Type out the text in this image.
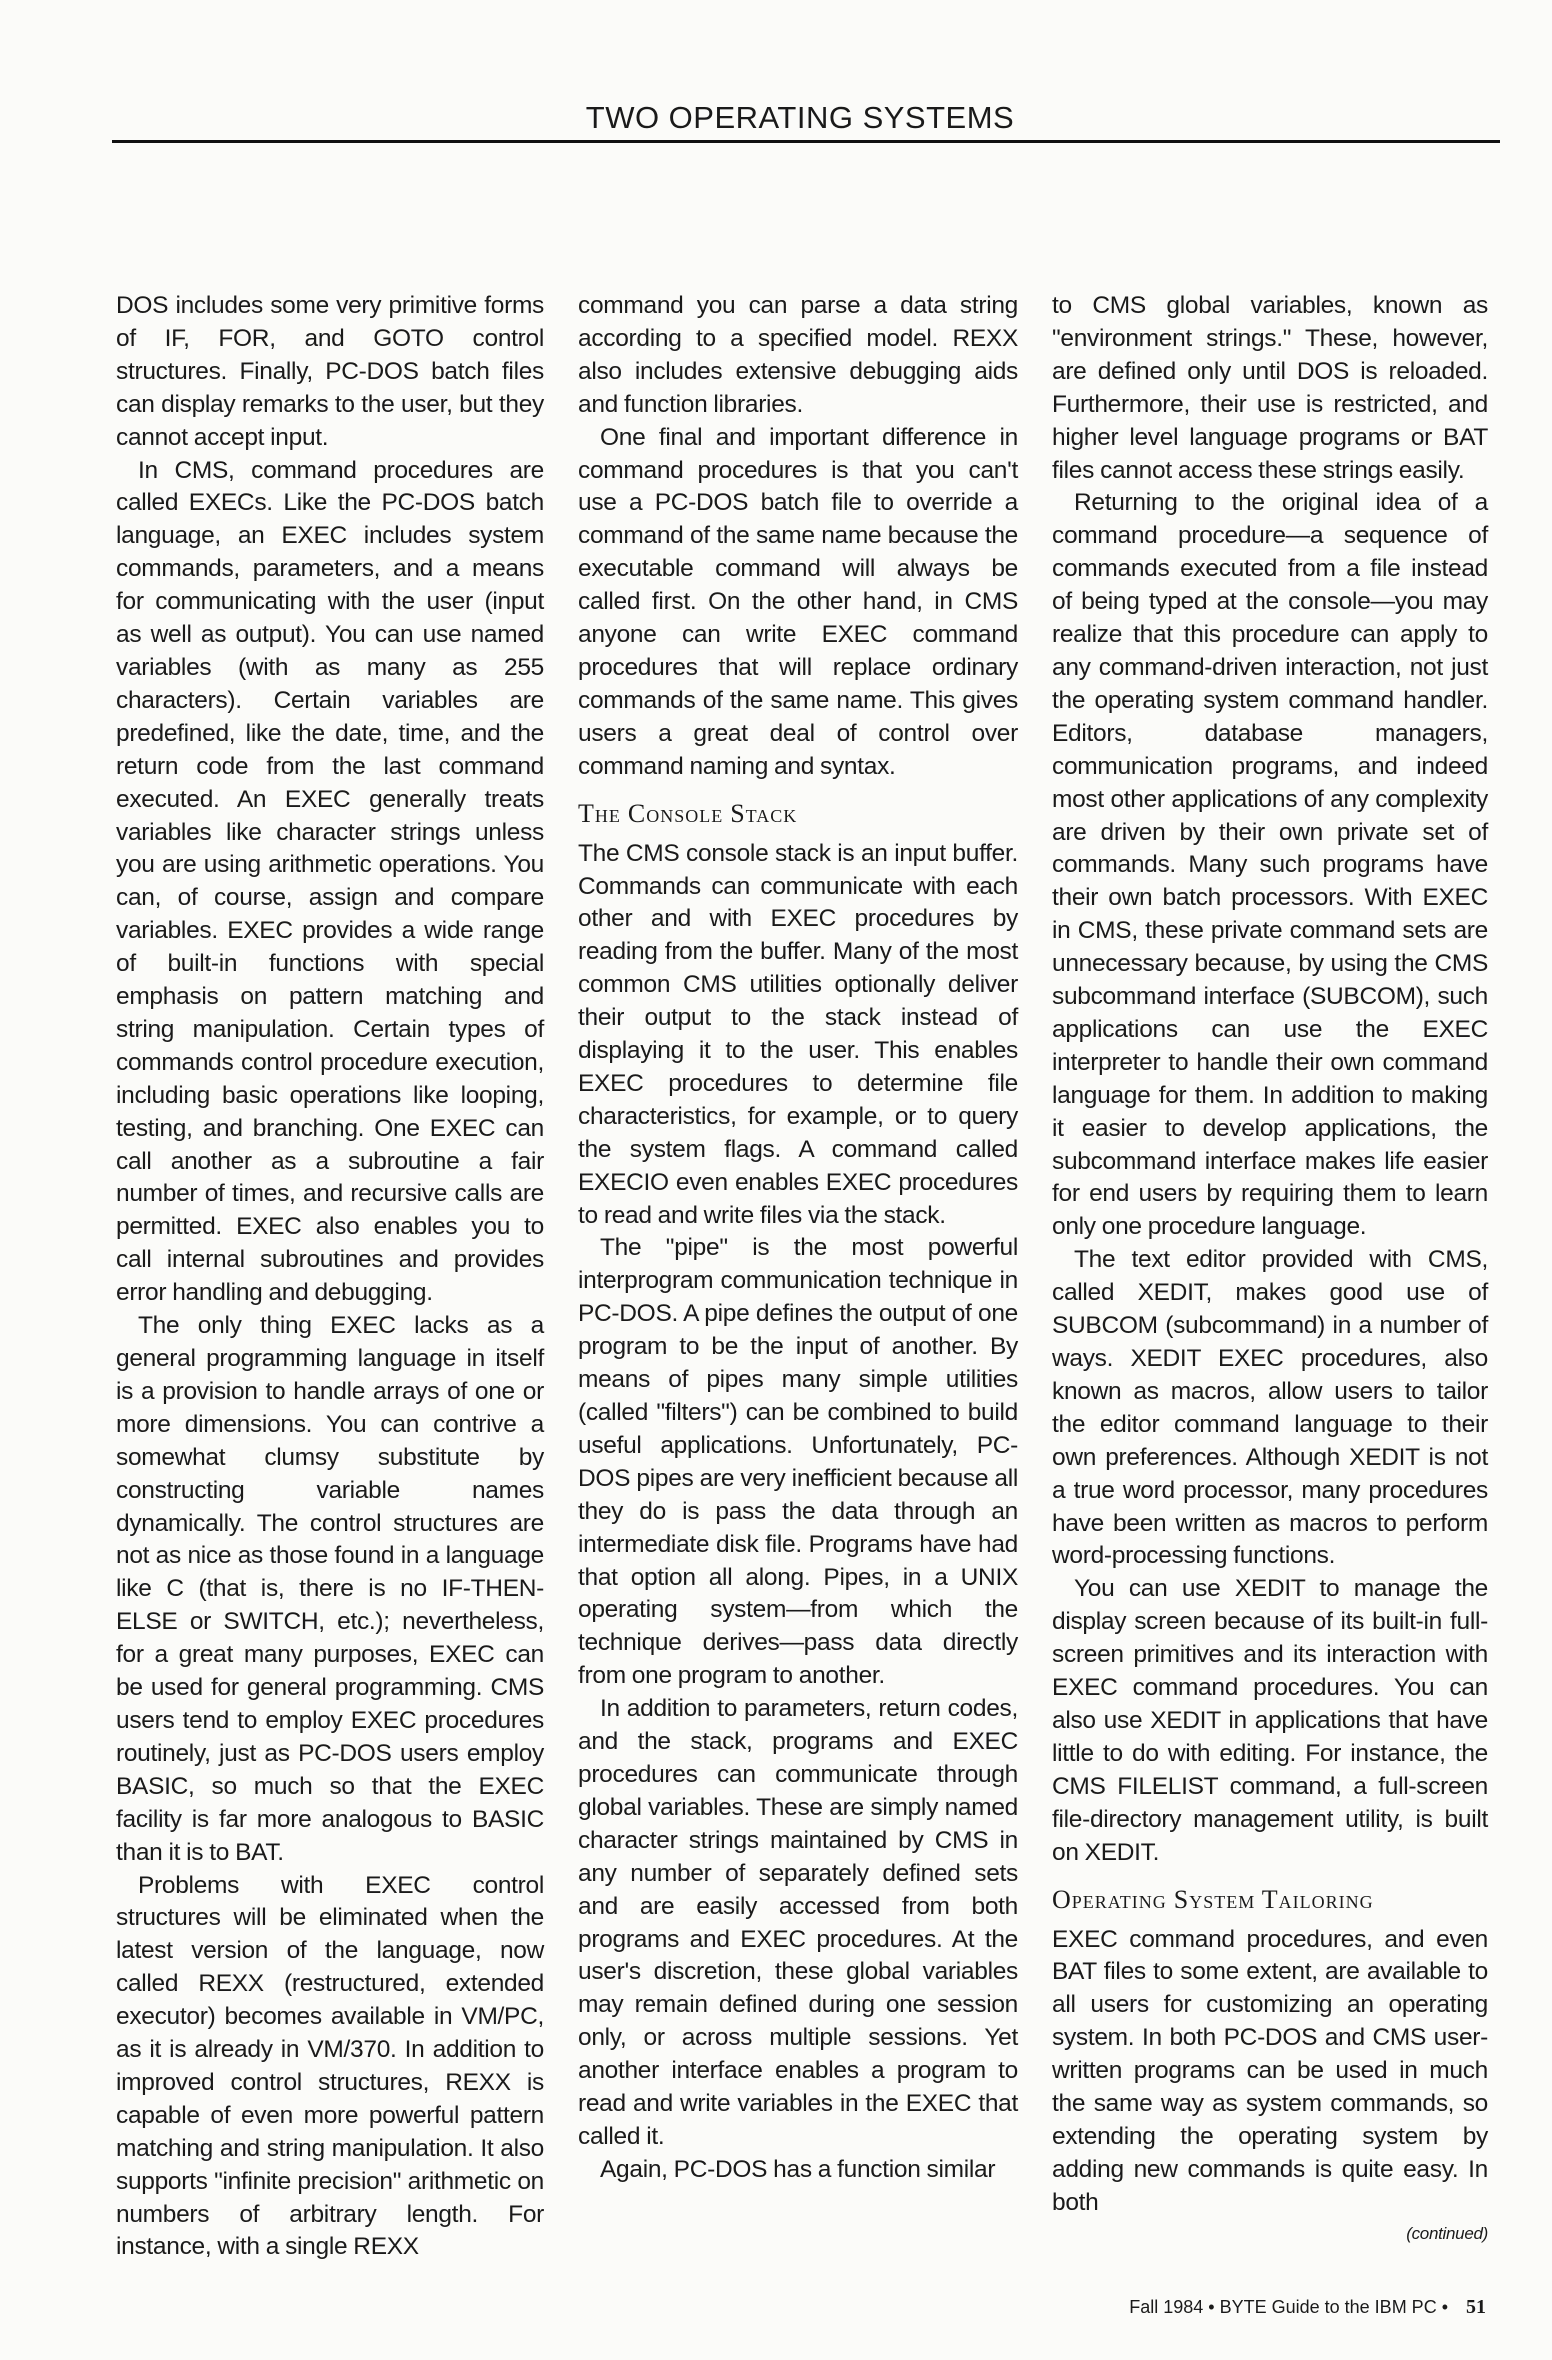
TWO OPERATING SYSTEMS

DOS includes some very primitive forms of IF, FOR, and GOTO control structures. Finally, PC-DOS batch files can display remarks to the user, but they cannot accept input.

In CMS, command procedures are called EXECs. Like the PC-DOS batch language, an EXEC includes system commands, parameters, and a means for communicating with the user (input as well as output). You can use named variables (with as many as 255 characters). Certain variables are predefined, like the date, time, and the return code from the last command executed. An EXEC generally treats variables like character strings unless you are using arithmetic operations. You can, of course, assign and compare variables. EXEC provides a wide range of built-in functions with special emphasis on pattern matching and string manipulation. Certain types of commands control procedure execution, including basic operations like looping, testing, and branching. One EXEC can call another as a subroutine a fair number of times, and recursive calls are permitted. EXEC also enables you to call internal subroutines and provides error handling and debugging.

The only thing EXEC lacks as a general programming language in itself is a provision to handle arrays of one or more dimensions. You can contrive a somewhat clumsy substitute by constructing variable names dynamically. The control structures are not as nice as those found in a language like C (that is, there is no IF-THEN-ELSE or SWITCH, etc.); nevertheless, for a great many purposes, EXEC can be used for general programming. CMS users tend to employ EXEC procedures routinely, just as PC-DOS users employ BASIC, so much so that the EXEC facility is far more analogous to BASIC than it is to BAT.

Problems with EXEC control structures will be eliminated when the latest version of the language, now called REXX (restructured, extended executor) becomes available in VM/PC, as it is already in VM/370. In addition to improved control structures, REXX is capable of even more powerful pattern matching and string manipulation. It also supports "infinite precision" arithmetic on numbers of arbitrary length. For instance, with a single REXX

command you can parse a data string according to a specified model. REXX also includes extensive debugging aids and function libraries.

One final and important difference in command procedures is that you can't use a PC-DOS batch file to override a command of the same name because the executable command will always be called first. On the other hand, in CMS anyone can write EXEC command procedures that will replace ordinary commands of the same name. This gives users a great deal of control over command naming and syntax.

The Console Stack

The CMS console stack is an input buffer. Commands can communicate with each other and with EXEC procedures by reading from the buffer. Many of the most common CMS utilities optionally deliver their output to the stack instead of displaying it to the user. This enables EXEC procedures to determine file characteristics, for example, or to query the system flags. A command called EXECIO even enables EXEC procedures to read and write files via the stack.

The "pipe" is the most powerful interprogram communication technique in PC-DOS. A pipe defines the output of one program to be the input of another. By means of pipes many simple utilities (called "filters") can be combined to build useful applications. Unfortunately, PC-DOS pipes are very inefficient because all they do is pass the data through an intermediate disk file. Programs have had that option all along. Pipes, in a UNIX operating system—from which the technique derives—pass data directly from one program to another.

In addition to parameters, return codes, and the stack, programs and EXEC procedures can communicate through global variables. These are simply named character strings maintained by CMS in any number of separately defined sets and are easily accessed from both programs and EXEC procedures. At the user's discretion, these global variables may remain defined during one session only, or across multiple sessions. Yet another interface enables a program to read and write variables in the EXEC that called it.

Again, PC-DOS has a function similar

to CMS global variables, known as "environment strings." These, however, are defined only until DOS is reloaded. Furthermore, their use is restricted, and higher level language programs or BAT files cannot access these strings easily.

Returning to the original idea of a command procedure—a sequence of commands executed from a file instead of being typed at the console—you may realize that this procedure can apply to any command-driven interaction, not just the operating system command handler. Editors, database managers, communication programs, and indeed most other applications of any complexity are driven by their own private set of commands. Many such programs have their own batch processors. With EXEC in CMS, these private command sets are unnecessary because, by using the CMS subcommand interface (SUBCOM), such applications can use the EXEC interpreter to handle their own command language for them. In addition to making it easier to develop applications, the subcommand interface makes life easier for end users by requiring them to learn only one procedure language.

The text editor provided with CMS, called XEDIT, makes good use of SUBCOM (subcommand) in a number of ways. XEDIT EXEC procedures, also known as macros, allow users to tailor the editor command language to their own preferences. Although XEDIT is not a true word processor, many procedures have been written as macros to perform word-processing functions.

You can use XEDIT to manage the display screen because of its built-in full-screen primitives and its interaction with EXEC command procedures. You can also use XEDIT in applications that have little to do with editing. For instance, the CMS FILELIST command, a full-screen file-directory management utility, is built on XEDIT.

Operating System Tailoring

EXEC command procedures, and even BAT files to some extent, are available to all users for customizing an operating system. In both PC-DOS and CMS user-written programs can be used in much the same way as system commands, so extending the operating system by adding new commands is quite easy. In both

(continued)
Fall 1984 • BYTE Guide to the IBM PC • 51
